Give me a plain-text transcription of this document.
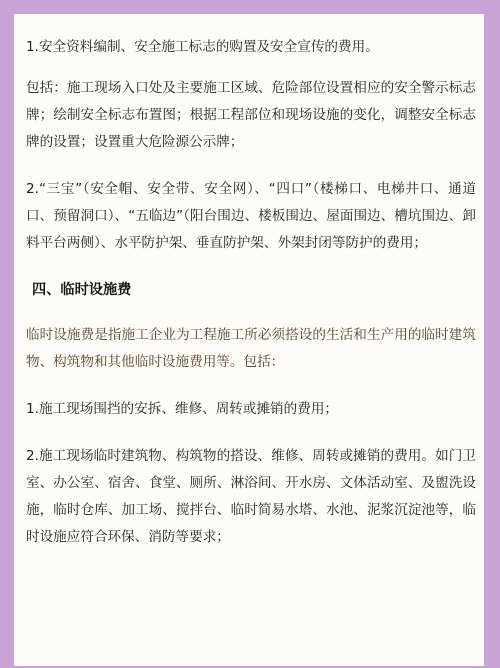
1.安全资料编制、安全施工标志的购置及安全宣传的费用。

包括：施工现场入口处及主要施工区域、危险部位设置相应的安全警示标志牌；绘制安全标志布置图；根据工程部位和现场设施的变化，调整安全标志牌的设置；设置重大危险源公示牌；

2.“三宝”（安全帽、安全带、安全网）、“四口”（楼梯口、电梯井口、通道口、预留洞口）、“五临边”（阳台围边、楼板围边、屋面围边、槽坑围边、卸料平台两侧）、水平防护架、垂直防护架、外架封闭等防护的费用；

四、临时设施费

临时设施费是指施工企业为工程施工所必须搭设的生活和生产用的临时建筑物、构筑物和其他临时设施费用等。包括：

1.施工现场围挡的安拆、维修、周转或摊销的费用；

2.施工现场临时建筑物、构筑物的搭设、维修、周转或摊销的费用。如门卫室、办公室、宿舍、食堂、厕所、淋浴间、开水房、文体活动室、及盥洗设施，临时仓库、加工场、搅拌台、临时简易水塔、水池、泥浆沉淀池等，临时设施应符合环保、消防等要求；
